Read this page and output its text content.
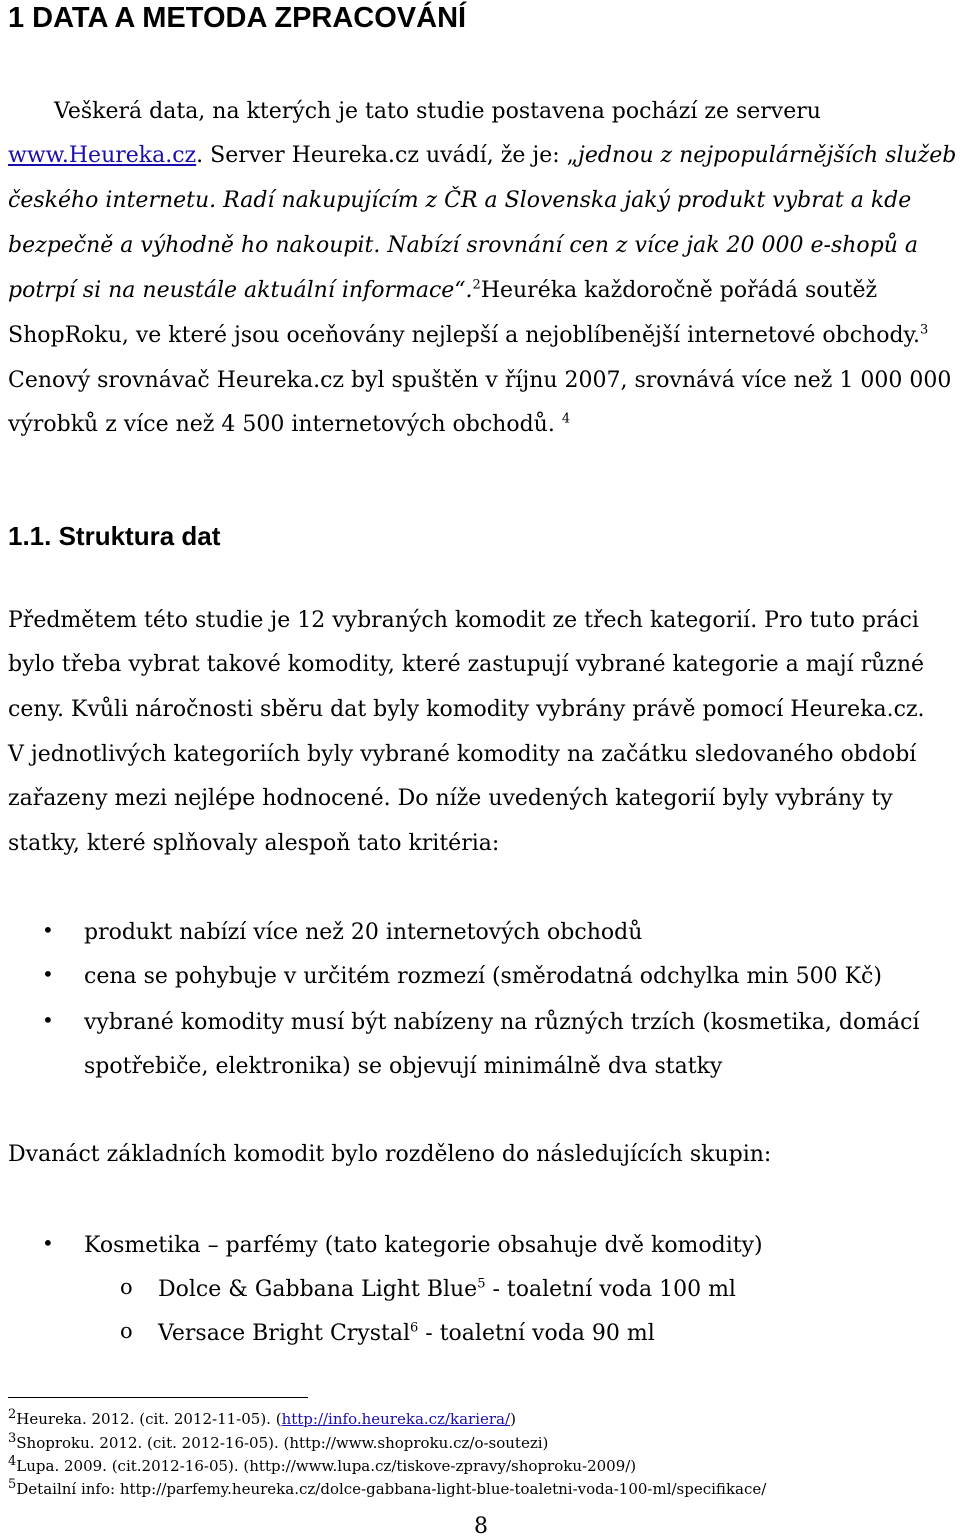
1 DATA A METODA ZPRACOVÁNÍ
Veškerá data, na kterých je tato studie postavena pochází ze serveru
www.Heureka.cz. Server Heureka.cz uvádí, že je: „jednou z nejpopulárnějších služeb
českého internetu. Radí nakupujícím z ČR a Slovenska jaký produkt vybrat a kde
bezpečně a výhodně ho nakoupit. Nabízí srovnání cen z více jak 20 000 e-shopů a
potrpí si na neustále aktuální informace“.$^2$Heuréka každoročně pořádá soutěž
ShopRoku, ve které jsou oceňovány nejlepší a nejoblíbenější internetové obchody.$^3$
Cenový srovnávač Heureka.cz byl spuštěn v říjnu 2007, srovnává více než 1 000 000
výrobků z více než 4 500 internetových obchodů. $^4$
1.1. Struktura dat
Předmětem této studie je 12 vybraných komodit ze třech kategorií. Pro tuto práci
bylo třeba vybrat takové komodity, které zastupují vybrané kategorie a mají různé
ceny. Kvůli náročnosti sběru dat byly komodity vybrány právě pomocí Heureka.cz.
V jednotlivých kategoriích byly vybrané komodity na začátku sledovaného období
zařazeny mezi nejlépe hodnocené. Do níže uvedených kategorií byly vybrány ty
statky, které splňovaly alespoň tato kritéria:
• produkt nabízí více než 20 internetových obchodů
• cena se pohybuje v určitém rozmezí (směrodatná odchylka min 500 Kč)
• vybrané komodity musí být nabízeny na různých trzích (kosmetika, domácí
spotřebiče, elektronika) se objevují minimálně dva statky
Dvanáct základních komodit bylo rozděleno do následujících skupin:
• Kosmetika – parfémy (tato kategorie obsahuje dvě komodity)
o Dolce & Gabbana Light Blue$^5$ - toaletní voda 100 ml
o Versace Bright Crystal$^6$ - toaletní voda 90 ml
2Heureka. 2012. (cit. 2012-11-05). (http://info.heureka.cz/kariera/)
3Shoproku. 2012. (cit. 2012-16-05). (http://www.shoproku.cz/o-soutezi)
4Lupa. 2009. (cit.2012-16-05). (http://www.lupa.cz/tiskove-zpravy/shoproku-2009/)
5Detailní info: http://parfemy.heureka.cz/dolce-gabbana-light-blue-toaletni-voda-100-ml/specifikace/
8
